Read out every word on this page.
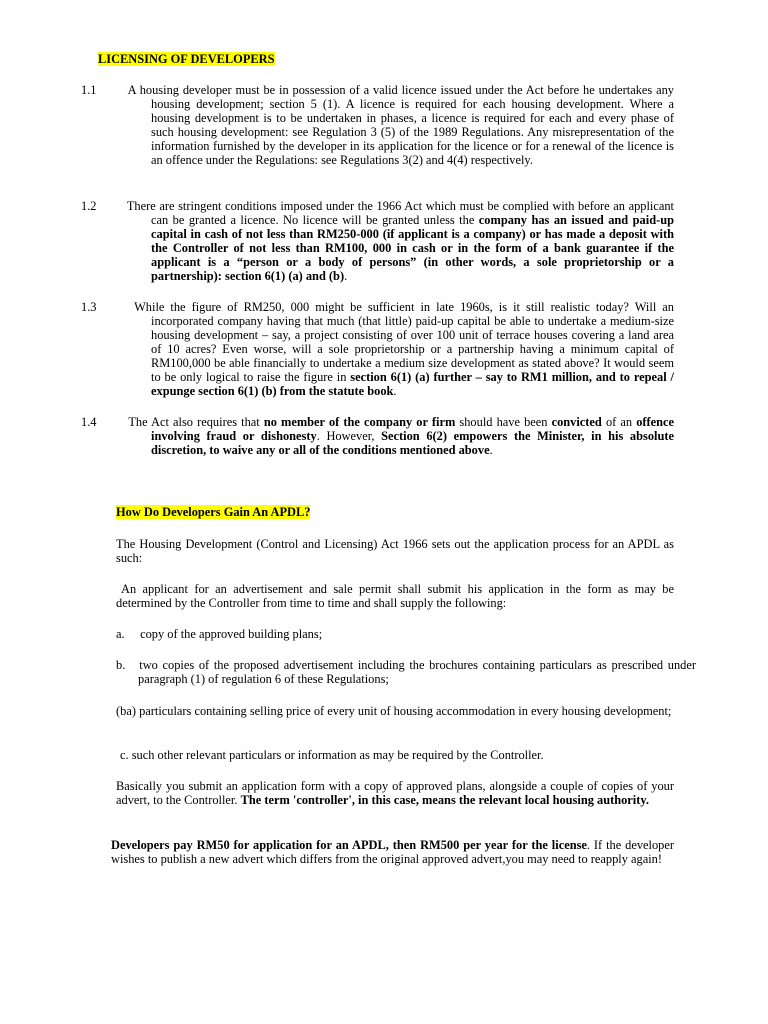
LICENSING OF DEVELOPERS
1.1	A housing developer must be in possession of a valid licence issued under the Act before he undertakes any housing development; section 5 (1). A licence is required for each housing development. Where a housing development is to be undertaken in phases, a licence is required for each and every phase of such housing development: see Regulation 3 (5) of the 1989 Regulations. Any misrepresentation of the information furnished by the developer in its application for the licence or for a renewal of the licence is an offence under the Regulations: see Regulations 3(2) and 4(4) respectively.
1.2 There are stringent conditions imposed under the 1966 Act which must be complied with before an applicant can be granted a licence. No licence will be granted unless the company has an issued and paid-up capital in cash of not less than RM250-000 (if applicant is a company) or has made a deposit with the Controller of not less than RM100, 000 in cash or in the form of a bank guarantee if the applicant is a “person or a body of persons” (in other words, a sole proprietorship or a partnership): section 6(1) (a) and (b).
1.3	While the figure of RM250, 000 might be sufficient in late 1960s, is it still realistic today? Will an incorporated company having that much (that little) paid-up capital be able to undertake a medium-size housing development – say, a project consisting of over 100 unit of terrace houses covering a land area of 10 acres? Even worse, will a sole proprietorship or a partnership having a minimum capital of RM100,000 be able financially to undertake a medium size development as stated above? It would seem to be only logical to raise the figure in section 6(1) (a) further – say to RM1 million, and to repeal / expunge section 6(1) (b) from the statute book.
1.4	The Act also requires that no member of the company or firm should have been convicted of an offence involving fraud or dishonesty. However, Section 6(2) empowers the Minister, in his absolute discretion, to waive any or all of the conditions mentioned above.
How Do Developers Gain An APDL?
The Housing Development (Control and Licensing) Act 1966 sets out the application process for an APDL as such:
An applicant for an advertisement and sale permit shall submit his application in the form as may be determined by the Controller from time to time and shall supply the following:
a. copy of the approved building plans;
b. two copies of the proposed advertisement including the brochures containing particulars as prescribed under paragraph (1) of regulation 6 of these Regulations;
(ba) particulars containing selling price of every unit of housing accommodation in every housing development;
c. such other relevant particulars or information as may be required by the Controller.
Basically you submit an application form with a copy of approved plans, alongside a couple of copies of your advert, to the Controller. The term 'controller', in this case, means the relevant local housing authority.
Developers pay RM50 for application for an APDL, then RM500 per year for the license. If the developer wishes to publish a new advert which differs from the original approved advert,you may need to reapply again!
